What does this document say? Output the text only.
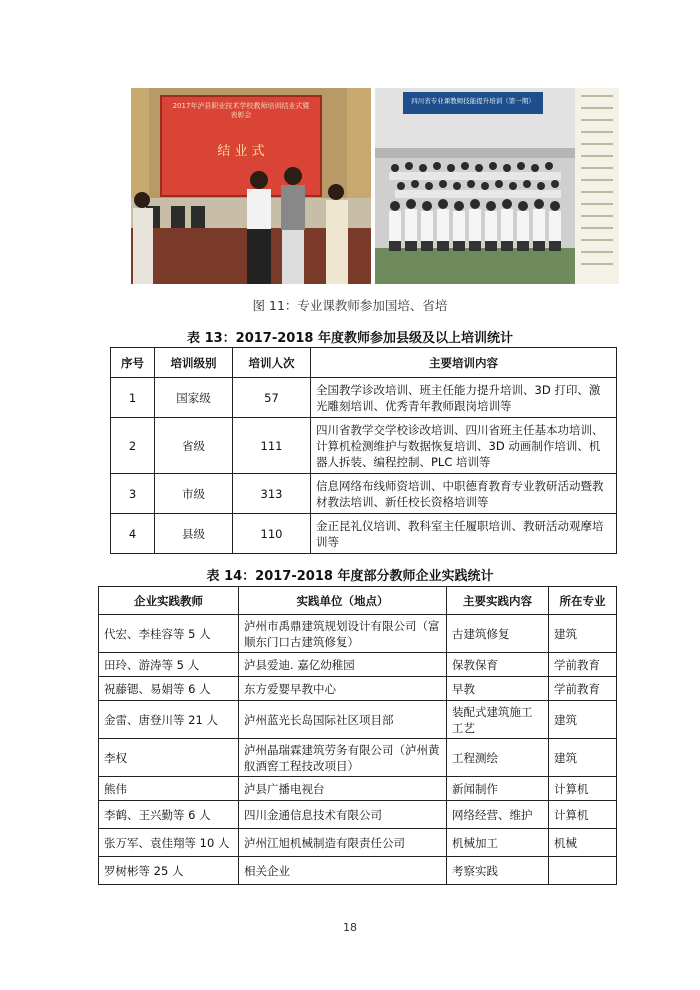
2017年泸县职业技术学校教师培训结业式暨表彰会
结 业 式
四川省专业课教师技能提升培训（第一期）
图 11：专业课教师参加国培、省培
表 13：2017-2018 年度教师参加县级及以上培训统计
序号	培训级别	培训人次	主要培训内容
1	国家级	57	全国教学诊改培训、班主任能力提升培训、3D 打印、激光雕刻培训、优秀青年教师跟岗培训等
2	省级	111	四川省教学交学校诊改培训、四川省班主任基本功培训、计算机检测维护与数据恢复培训、3D 动画制作培训、机器人拆装、编程控制、PLC 培训等
3	市级	313	信息网络布线师资培训、中职德育教育专业教研活动暨教材教法培训、新任校长资格培训等
4	县级	110	金正昆礼仪培训、教科室主任履职培训、教研活动观摩培训等
表 14：2017-2018 年度部分教师企业实践统计
企业实践教师	实践单位（地点）	主要实践内容	所在专业
代宏、李桂容等 5 人	泸州市禹鼎建筑规划设计有限公司（富顺东门口古建筑修复）	古建筑修复	建筑
田玲、游涛等 5 人	泸县爱迪. 嘉亿幼稚园	保教保育	学前教育
祝藤锶、易娟等 6 人	东方爱婴早教中心	早教	学前教育
金雷、唐登川等 21 人	泸州蓝光长岛国际社区项目部	装配式建筑施工工艺	建筑
李权	泸州晶瑞霖建筑劳务有限公司（泸州黄舣酒窖工程技改项目）	工程测绘	建筑
熊伟	泸县广播电视台	新闻制作	计算机
李鹤、王兴勤等 6 人	四川金通信息技术有限公司	网络经营、维护	计算机
张万军、袁佳翔等 10 人	泸州江旭机械制造有限责任公司	机械加工	机械
罗树彬等 25 人	相关企业	考察实践	
18
